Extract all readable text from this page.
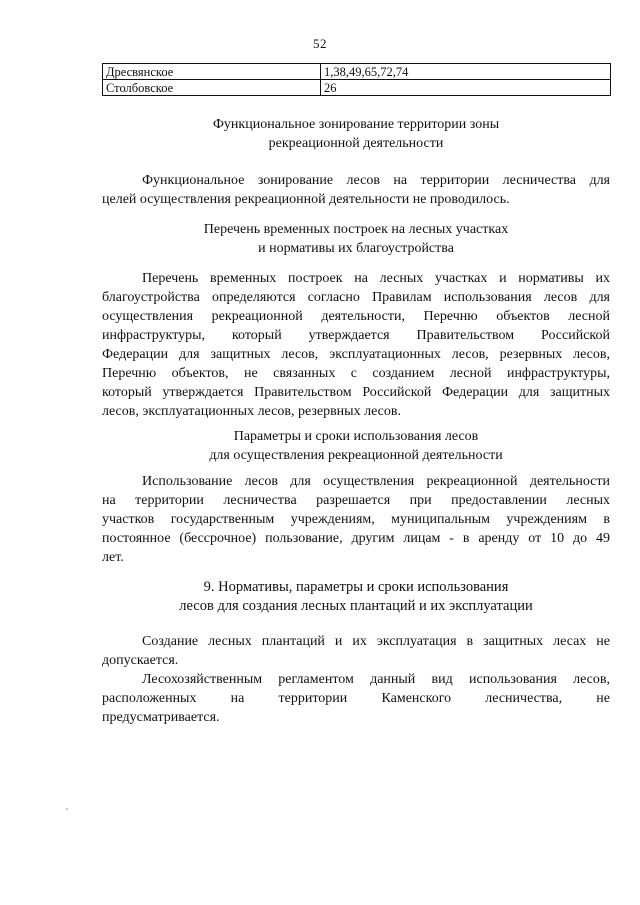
52
Дресвянское	1,38,49,65,72,74
Столбовское	26
Функциональное зонирование территории зоны
рекреационной деятельности
Функциональное зонирование лесов на территории лесничества для
целей осуществления рекреационной деятельности не проводилось.
Перечень временных построек на лесных участках
и нормативы их благоустройства
Перечень временных построек на лесных участках и нормативы их
благоустройства определяются согласно Правилам использования лесов для
осуществления рекреационной деятельности, Перечню объектов лесной
инфраструктуры, который утверждается Правительством Российской
Федерации для защитных лесов, эксплуатационных лесов, резервных лесов,
Перечню объектов, не связанных с созданием лесной инфраструктуры,
который утверждается Правительством Российской Федерации для защитных
лесов, эксплуатационных лесов, резервных лесов.
Параметры и сроки использования лесов
для осуществления рекреационной деятельности
Использование лесов для осуществления рекреационной деятельности
на территории лесничества разрешается при предоставлении лесных
участков государственным учреждениям, муниципальным учреждениям в
постоянное (бессрочное) пользование, другим лицам - в аренду от 10 до 49
лет.
9. Нормативы, параметры и сроки использования
лесов для создания лесных плантаций и их эксплуатации
Создание лесных плантаций и их эксплуатация в защитных лесах не
допускается.
Лесохозяйственным регламентом данный вид использования лесов,
расположенных на территории Каменского лесничества, не
предусматривается.
